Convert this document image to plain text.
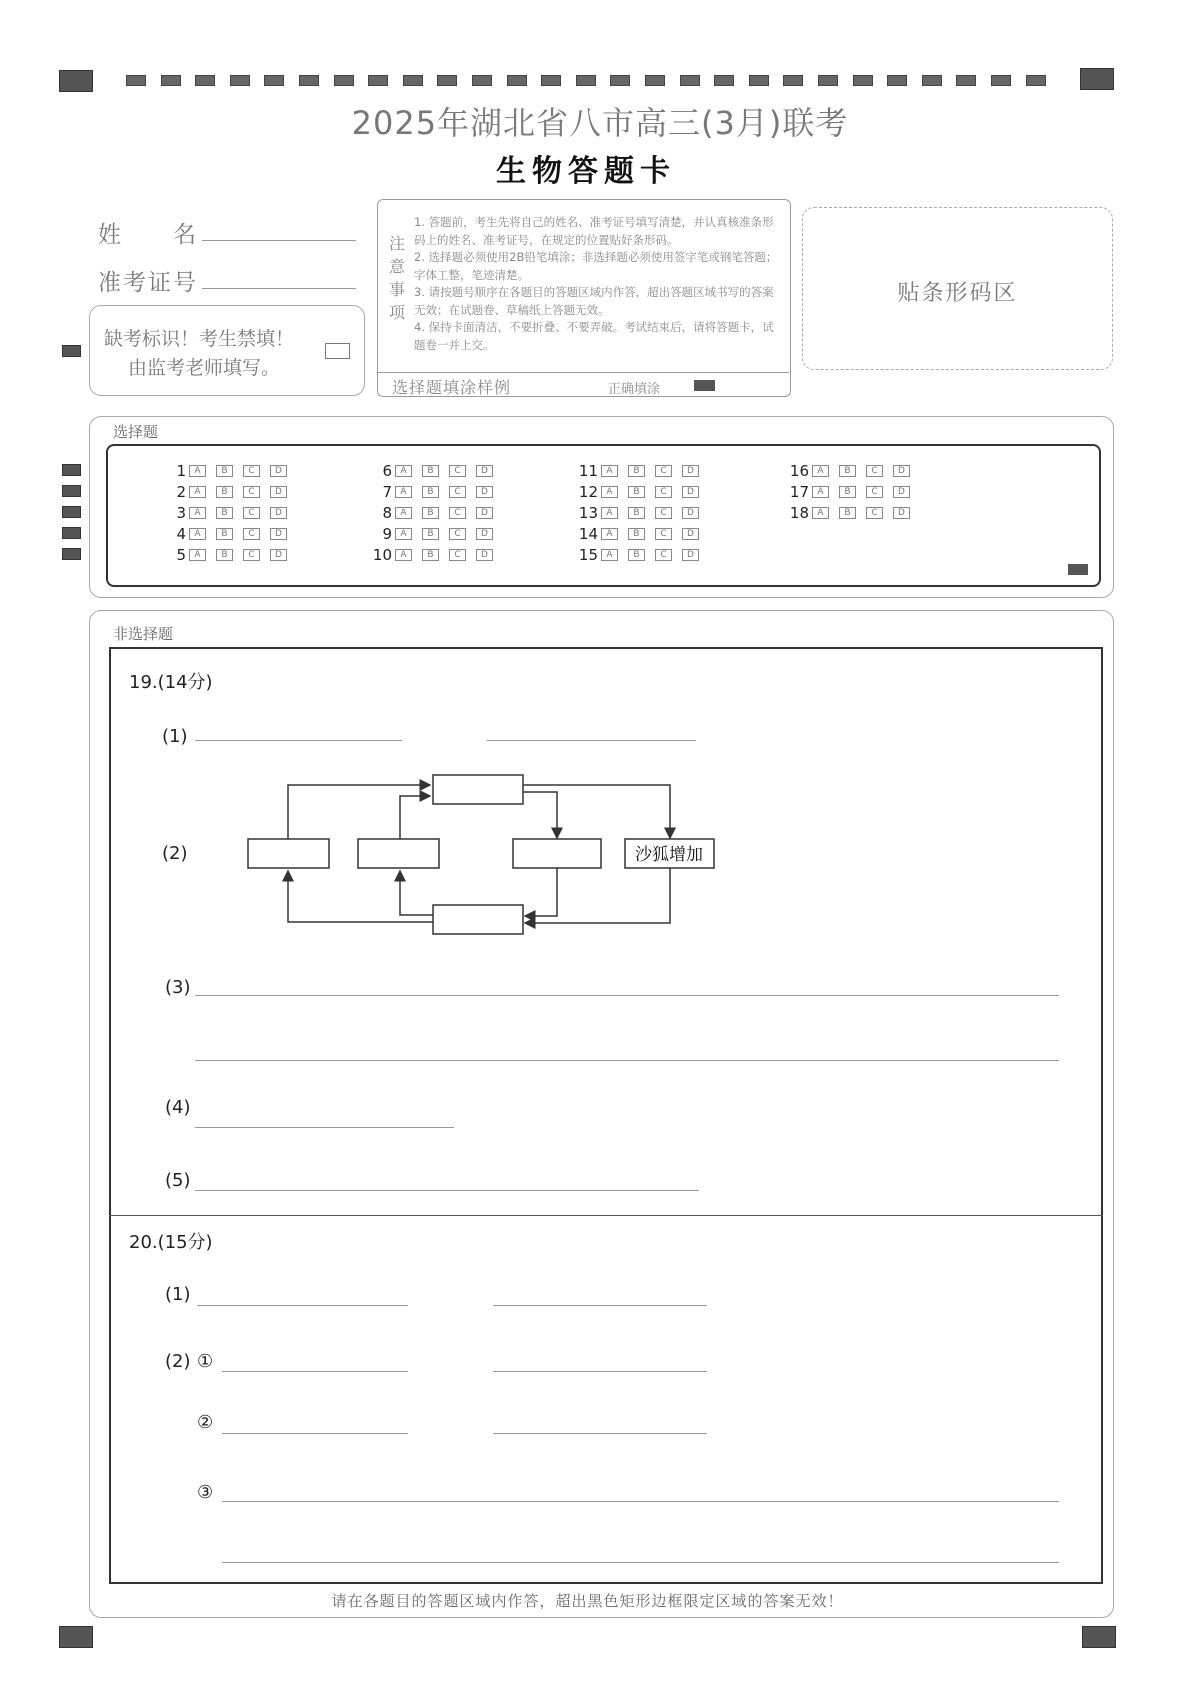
2025年湖北省八市高三(3月)联考
生物答题卡
姓　　名
准考证号
缺考标识！考生禁填！
由监考老师填写。
注
意
事
项
1. 答题前，考生先将自己的姓名、准考证号填写清楚，并认真核准条形码上的姓名、准考证号，在规定的位置贴好条形码。
2. 选择题必须使用2B铅笔填涂；非选择题必须使用签字笔或钢笔答题；字体工整，笔迹清楚。
3. 请按题号顺序在各题目的答题区域内作答，超出答题区域书写的答案无效；在试题卷、草稿纸上答题无效。
4. 保持卡面清洁，不要折叠、不要弄破。考试结束后，请将答题卡，试题卷一并上交。
选择题填涂样例	正确填涂
贴条形码区
选择题
1 A B C D
2 A B C D
3 A B C D
4 A B C D
5 A B C D
6 A B C D
7 A B C D
8 A B C D
9 A B C D
10 A B C D
11 A B C D
12 A B C D
13 A B C D
14 A B C D
15 A B C D
16 A B C D
17 A B C D
18 A B C D
非选择题
19.(14分)
(1)
(2)	沙狐增加
(3)
(4)
(5)
20.(15分)
(1)
(2) ①
②
③
请在各题目的答题区域内作答，超出黑色矩形边框限定区域的答案无效！
